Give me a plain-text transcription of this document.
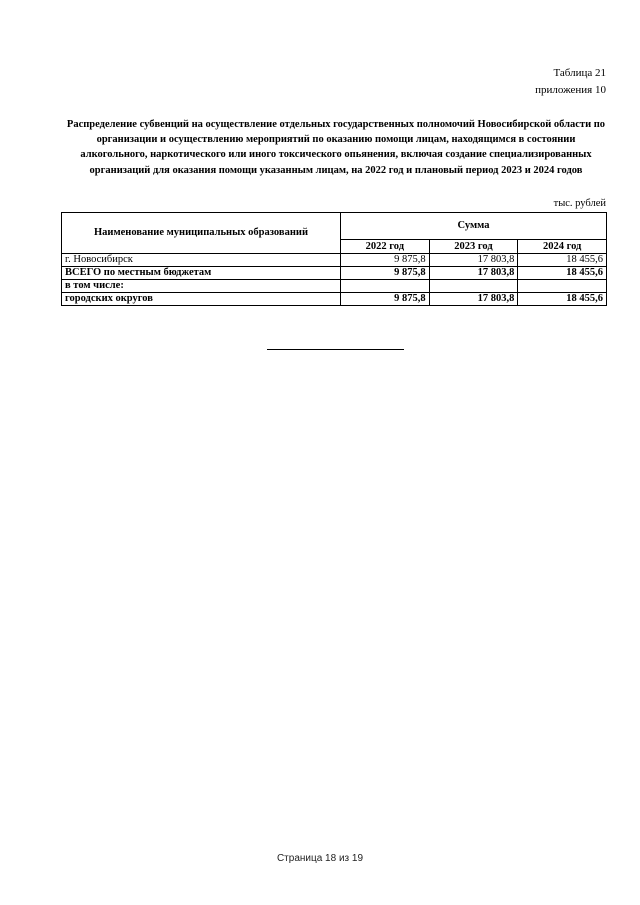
Таблица 21
приложения 10
Распределение субвенций на осуществление отдельных государственных полномочий Новосибирской области по организации и осуществлению мероприятий по оказанию помощи лицам, находящимся в состоянии алкогольного, наркотического или иного токсического опьянения, включая создание специализированных организаций для оказания помощи указанным лицам, на 2022 год и плановый период 2023 и 2024 годов
тыс. рублей
Наименование муниципальных образований	Сумма		
	2022 год	2023 год	2024 год
г. Новосибирск	9 875,8	17 803,8	18 455,6
ВСЕГО по местным бюджетам	9 875,8	17 803,8	18 455,6
в том числе:			
городских округов	9 875,8	17 803,8	18 455,6
Страница 18 из 19
